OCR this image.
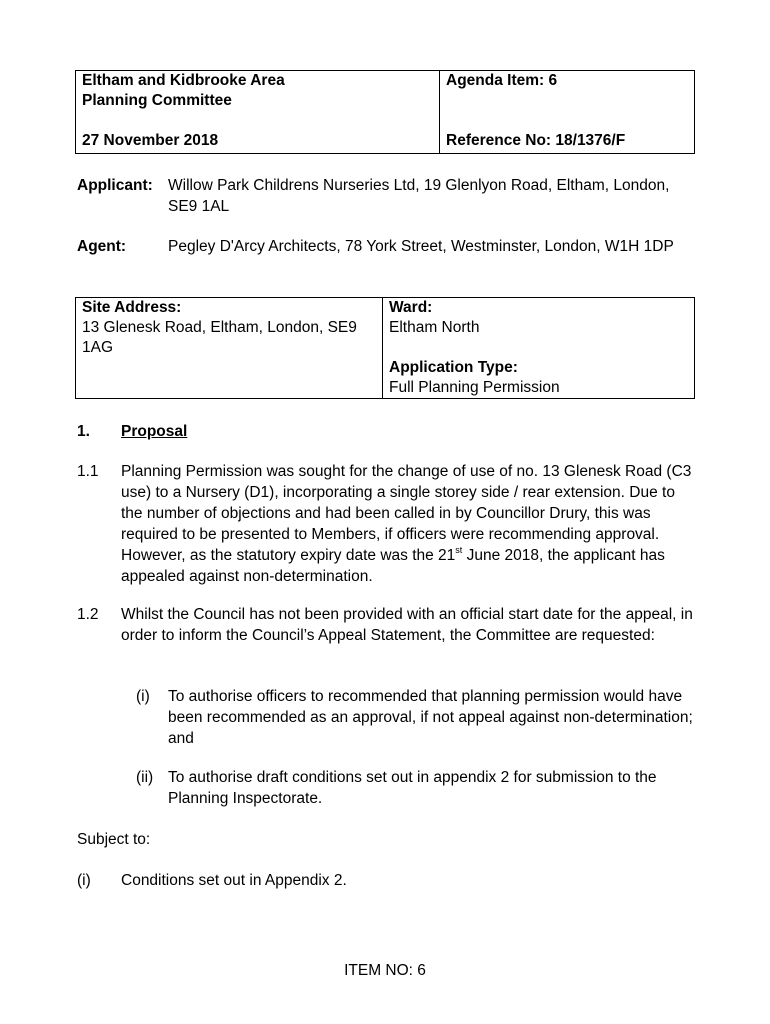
Eltham and Kidbrooke Area
Planning Committee
27 November 2018

Agenda Item: 6
Reference No: 18/1376/F
Applicant: Willow Park Childrens Nurseries Ltd, 19 Glenlyon Road, Eltham, London, SE9 1AL
Agent:	Pegley D'Arcy Architects, 78 York Street, Westminster, London, W1H 1DP
Site Address:
13 Glenesk Road, Eltham, London, SE9 1AG

Ward:
Eltham North
Application Type:
Full Planning Permission
1. Proposal
1.1 Planning Permission was sought for the change of use of no. 13 Glenesk Road (C3 use) to a Nursery (D1), incorporating a single storey side / rear extension. Due to the number of objections and had been called in by Councillor Drury, this was required to be presented to Members, if officers were recommending approval. However, as the statutory expiry date was the 21st June 2018, the applicant has appealed against non-determination.
1.2 Whilst the Council has not been provided with an official start date for the appeal, in order to inform the Council’s Appeal Statement, the Committee are requested:
(i) To authorise officers to recommended that planning permission would have been recommended as an approval, if not appeal against non-determination; and
(ii) To authorise draft conditions set out in appendix 2 for submission to the Planning Inspectorate.
Subject to:
(i) Conditions set out in Appendix 2.
ITEM NO: 6
